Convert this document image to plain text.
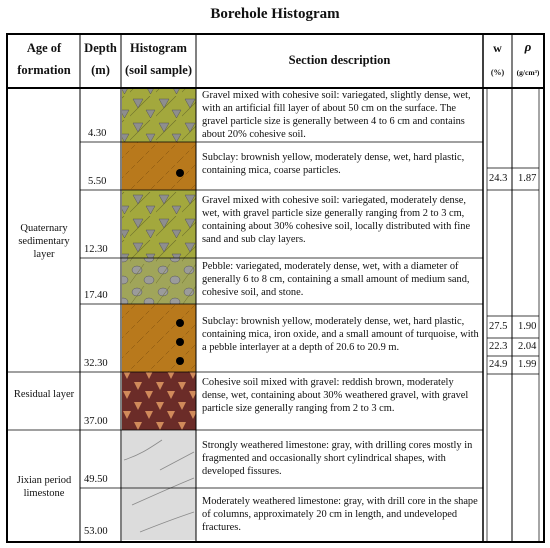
Borehole Histogram
Age of formation
Depth (m)
Histogram (soil sample)
Section description
w
(%)
ρ
(g/cm³)
Quaternary sedimentary layer
Residual layer
Jixian period limestone
4.30
5.50
12.30
17.40
32.30
37.00
49.50
53.00
Gravel mixed with cohesive soil: variegated, slightly dense, wet, with an artificial fill layer of about 50 cm on the surface. The gravel particle size is generally between 4 to 6 cm and contains about 20% cohesive soil.
Subclay: brownish yellow, moderately dense, wet, hard plastic, containing mica, coarse particles.
Gravel mixed with cohesive soil: variegated, moderately dense, wet, with gravel particle size generally ranging from 2 to 3 cm, containing about 30% cohesive soil, locally distributed with fine sand and sub clay layers.
Pebble: variegated, moderately dense, wet, with a diameter of generally 6 to 8 cm, containing a small amount of medium sand, cohesive soil, and stone.
Subclay: brownish yellow, moderately dense, wet, hard plastic, containing mica, iron oxide, and a small amount of turquoise, with a pebble interlayer at a depth of 20.6 to 20.9 m.
Cohesive soil mixed with gravel: reddish brown, moderately dense, wet, containing about 30% weathered gravel, with gravel particle size generally ranging from 2 to 3 cm.
Strongly weathered limestone: gray, with drilling cores mostly in fragmented and occasionally short cylindrical shapes, with developed fissures.
Moderately weathered limestone: gray, with drill core in the shape of columns, approximately 20 cm in length, and undeveloped fractures.
24.3 1.87
27.5 1.90
22.3 2.04
24.9 1.99
